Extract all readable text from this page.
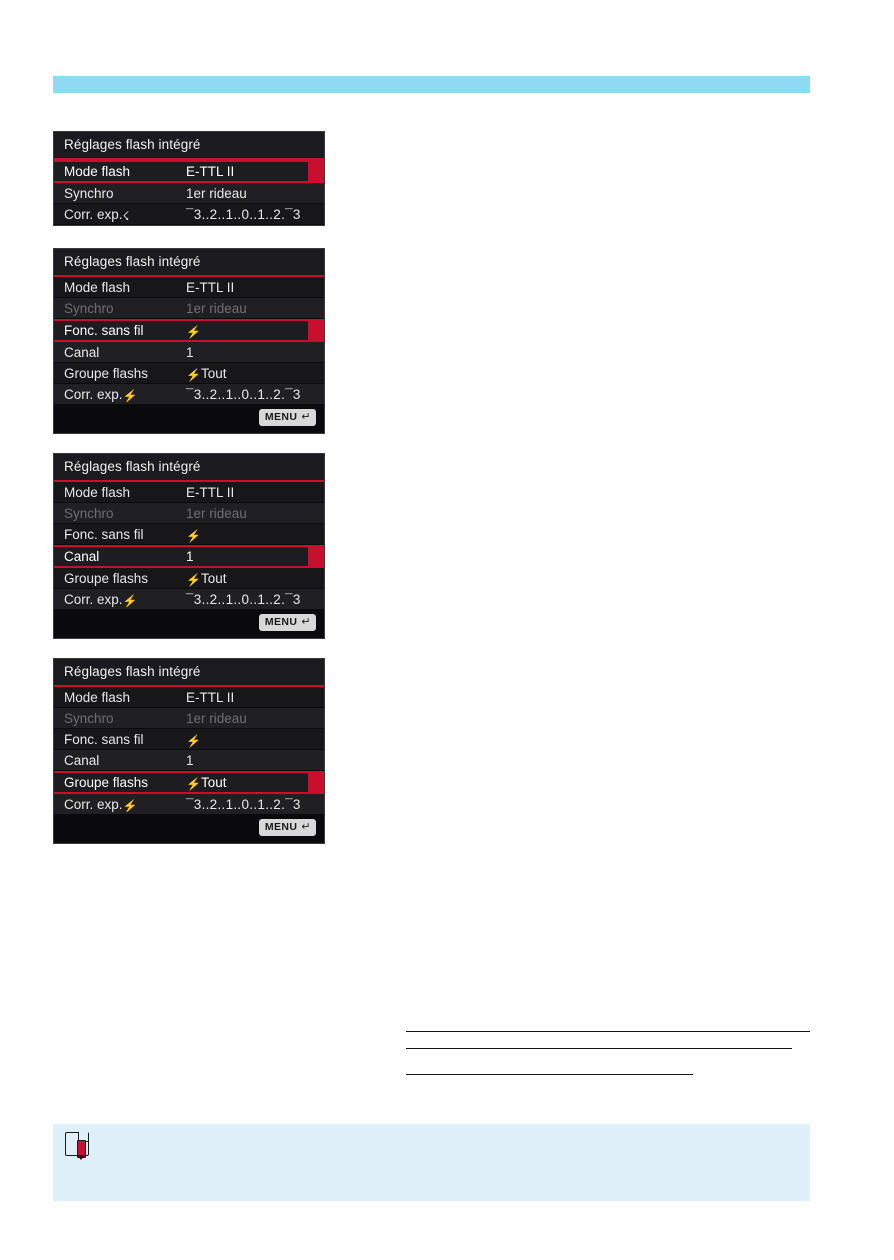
Réglages flash intégré
Mode flash	E-TTL II
Synchro	1er rideau
Corr. exp.☇	¯3..2..1..0..1..2.¯3
Réglages flash intégré
Mode flash	E-TTL II
Synchro	1er rideau
Fonc. sans fil	⚡
Canal	1
Groupe flashs	⚡Tout
Corr. exp.⚡	¯3..2..1..0..1..2.¯3
MENU ↵
Réglages flash intégré
Mode flash	E-TTL II
Synchro	1er rideau
Fonc. sans fil	⚡
Canal	1
Groupe flashs	⚡Tout
Corr. exp.⚡	¯3..2..1..0..1..2.¯3
MENU ↵
Réglages flash intégré
Mode flash	E-TTL II
Synchro	1er rideau
Fonc. sans fil	⚡
Canal	1
Groupe flashs	⚡Tout
Corr. exp.⚡	¯3..2..1..0..1..2.¯3
MENU ↵
